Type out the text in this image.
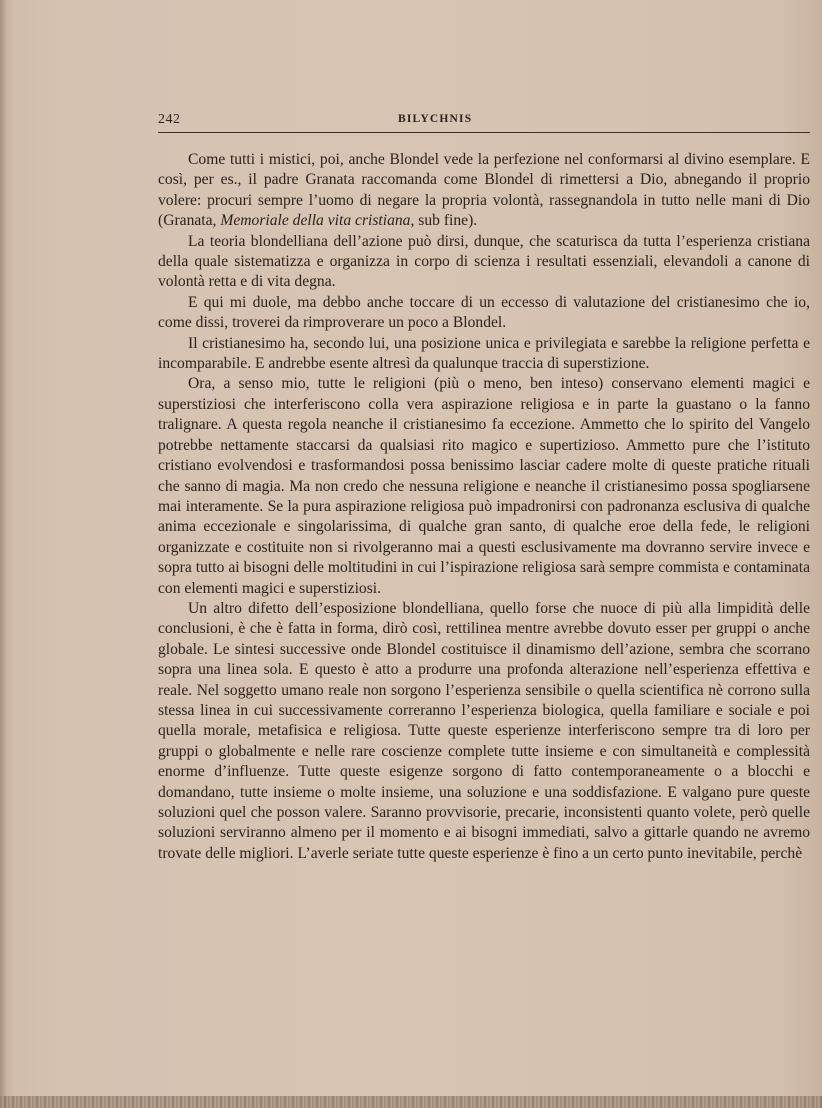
242	BILYCHNIS

Come tutti i mistici, poi, anche Blondel vede la perfezione nel conformarsi al divino esemplare. E così, per es., il padre Granata raccomanda come Blondel di rimettersi a Dio, abnegando il proprio volere: procuri sempre l’uomo di negare la propria volontà, rassegnandola in tutto nelle mani di Dio (Granata, Memoriale della vita cristiana, sub fine).

La teoria blondelliana dell’azione può dirsi, dunque, che scaturisca da tutta l’esperienza cristiana della quale sistematizza e organizza in corpo di scienza i resultati essenziali, elevandoli a canone di volontà retta e di vita degna.

E qui mi duole, ma debbo anche toccare di un eccesso di valutazione del cristianesimo che io, come dissi, troverei da rimproverare un poco a Blondel.

Il cristianesimo ha, secondo lui, una posizione unica e privilegiata e sarebbe la religione perfetta e incomparabile. E andrebbe esente altresì da qualunque traccia di superstizione.

Ora, a senso mio, tutte le religioni (più o meno, ben inteso) conservano elementi magici e superstiziosi che interferiscono colla vera aspirazione religiosa e in parte la guastano o la fanno tralignare. A questa regola neanche il cristianesimo fa eccezione. Ammetto che lo spirito del Vangelo potrebbe nettamente staccarsi da qualsiasi rito magico e supertizioso. Ammetto pure che l’istituto cristiano evolvendosi e trasformandosi possa benissimo lasciar cadere molte di queste pratiche rituali che sanno di magia. Ma non credo che nessuna religione e neanche il cristianesimo possa spogliarsene mai interamente. Se la pura aspirazione religiosa può impadronirsi con padronanza esclusiva di qualche anima eccezionale e singolarissima, di qualche gran santo, di qualche eroe della fede, le religioni organizzate e costituite non si rivolgeranno mai a questi esclusivamente ma dovranno servire invece e sopra tutto ai bisogni delle moltitudini in cui l’ispirazione religiosa sarà sempre commista e contaminata con elementi magici e superstiziosi.

Un altro difetto dell’esposizione blondelliana, quello forse che nuoce di più alla limpidità delle conclusioni, è che è fatta in forma, dirò così, rettilinea mentre avrebbe dovuto esser per gruppi o anche globale. Le sintesi successive onde Blondel costituisce il dinamismo dell’azione, sembra che scorrano sopra una linea sola. E questo è atto a produrre una profonda alterazione nell’esperienza effettiva e reale. Nel soggetto umano reale non sorgono l’esperienza sensibile o quella scientifica nè corrono sulla stessa linea in cui successivamente correranno l’esperienza biologica, quella familiare e sociale e poi quella morale, metafisica e religiosa. Tutte queste esperienze interferiscono sempre tra di loro per gruppi o globalmente e nelle rare coscienze complete tutte insieme e con simultaneità e complessità enorme d’influenze. Tutte queste esigenze sorgono di fatto contemporaneamente o a blocchi e domandano, tutte insieme o molte insieme, una soluzione e una soddisfazione. E valgano pure queste soluzioni quel che posson valere. Saranno provvisorie, precarie, inconsistenti quanto volete, però quelle soluzioni serviranno almeno per il momento e ai bisogni immediati, salvo a gittarle quando ne avremo trovate delle migliori. L’averle seriate tutte queste esperienze è fino a un certo punto inevitabile, perchè
